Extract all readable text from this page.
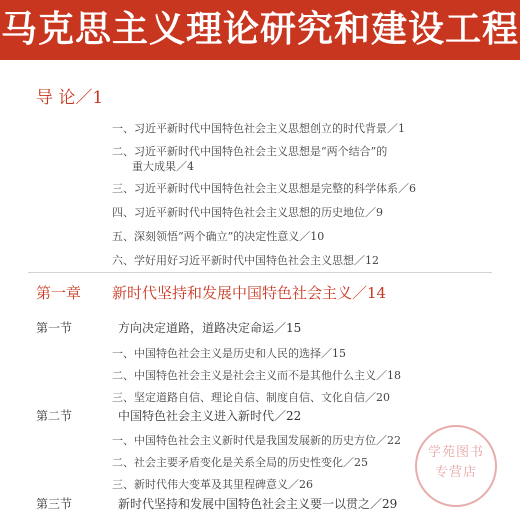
马克思主义理论研究和建设工程
导 论／1
一、习近平新时代中国特色社会主义思想创立的时代背景／1
二、习近平新时代中国特色社会主义思想是“两个结合”的
重大成果／4
三、习近平新时代中国特色社会主义思想是完整的科学体系／6
四、习近平新时代中国特色社会主义思想的历史地位／9
五、深刻领悟“两个确立”的决定性意义／10
六、学好用好习近平新时代中国特色社会主义思想／12
第一章 新时代坚持和发展中国特色社会主义／14
第一节	方向决定道路，道路决定命运／15
一、中国特色社会主义是历史和人民的选择／15
二、中国特色社会主义是社会主义而不是其他什么主义／18
三、坚定道路自信、理论自信、制度自信、文化自信／20
第二节	中国特色社会主义进入新时代／22
一、中国特色社会主义新时代是我国发展新的历史方位／22
二、社会主要矛盾变化是关系全局的历史性变化／25
三、新时代伟大变革及其里程碑意义／26
第三节	新时代坚持和发展中国特色社会主义要一以贯之／29
学苑图书
专营店
